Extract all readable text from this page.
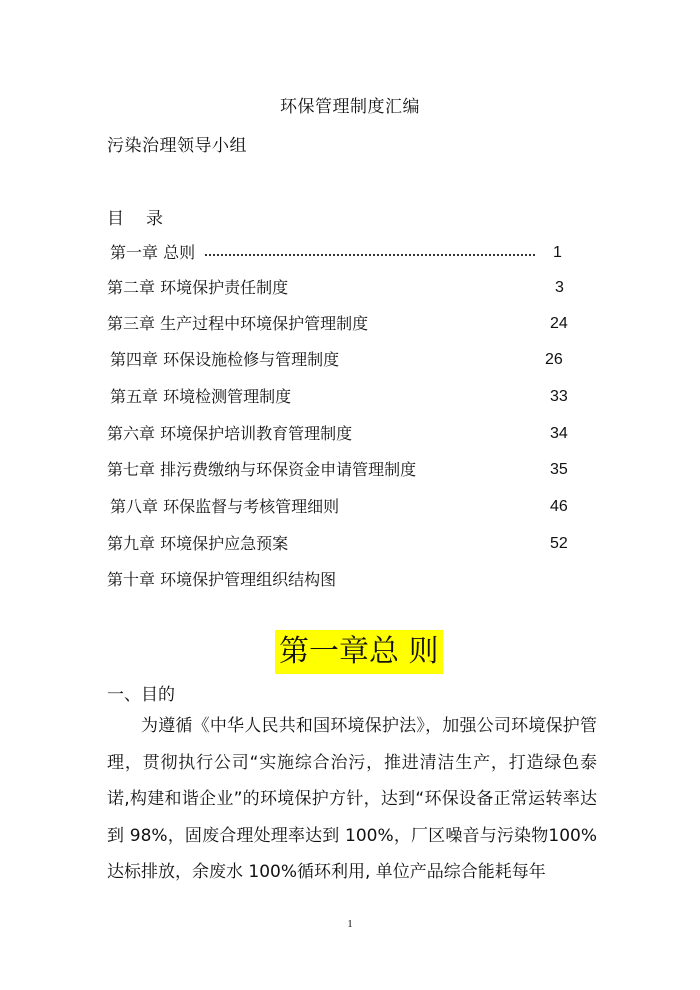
环保管理制度汇编
污染治理领导小组
目 录
第一章 总则	1
第二章 环境保护责任制度	3
第三章 生产过程中环境保护管理制度	24
第四章 环保设施检修与管理制度	26
第五章 环境检测管理制度	33
第六章 环境保护培训教育管理制度	34
第七章 排污费缴纳与环保资金申请管理制度	35
第八章 环保监督与考核管理细则	46
第九章 环境保护应急预案	52
第十章 环境保护管理组织结构图
第一章总 则
一、目的
为遵循《中华人民共和国环境保护法》，加强公司环境保护管理，贯彻执行公司“实施综合治污，推进清洁生产，打造绿色泰诺,构建和谐企业”的环境保护方针，达到“环保设备正常运转率达到 98%，固废合理处理率达到 100%，厂区噪音与污染物100%达标排放，余废水 100%循环利用, 单位产品综合能耗每年
1
